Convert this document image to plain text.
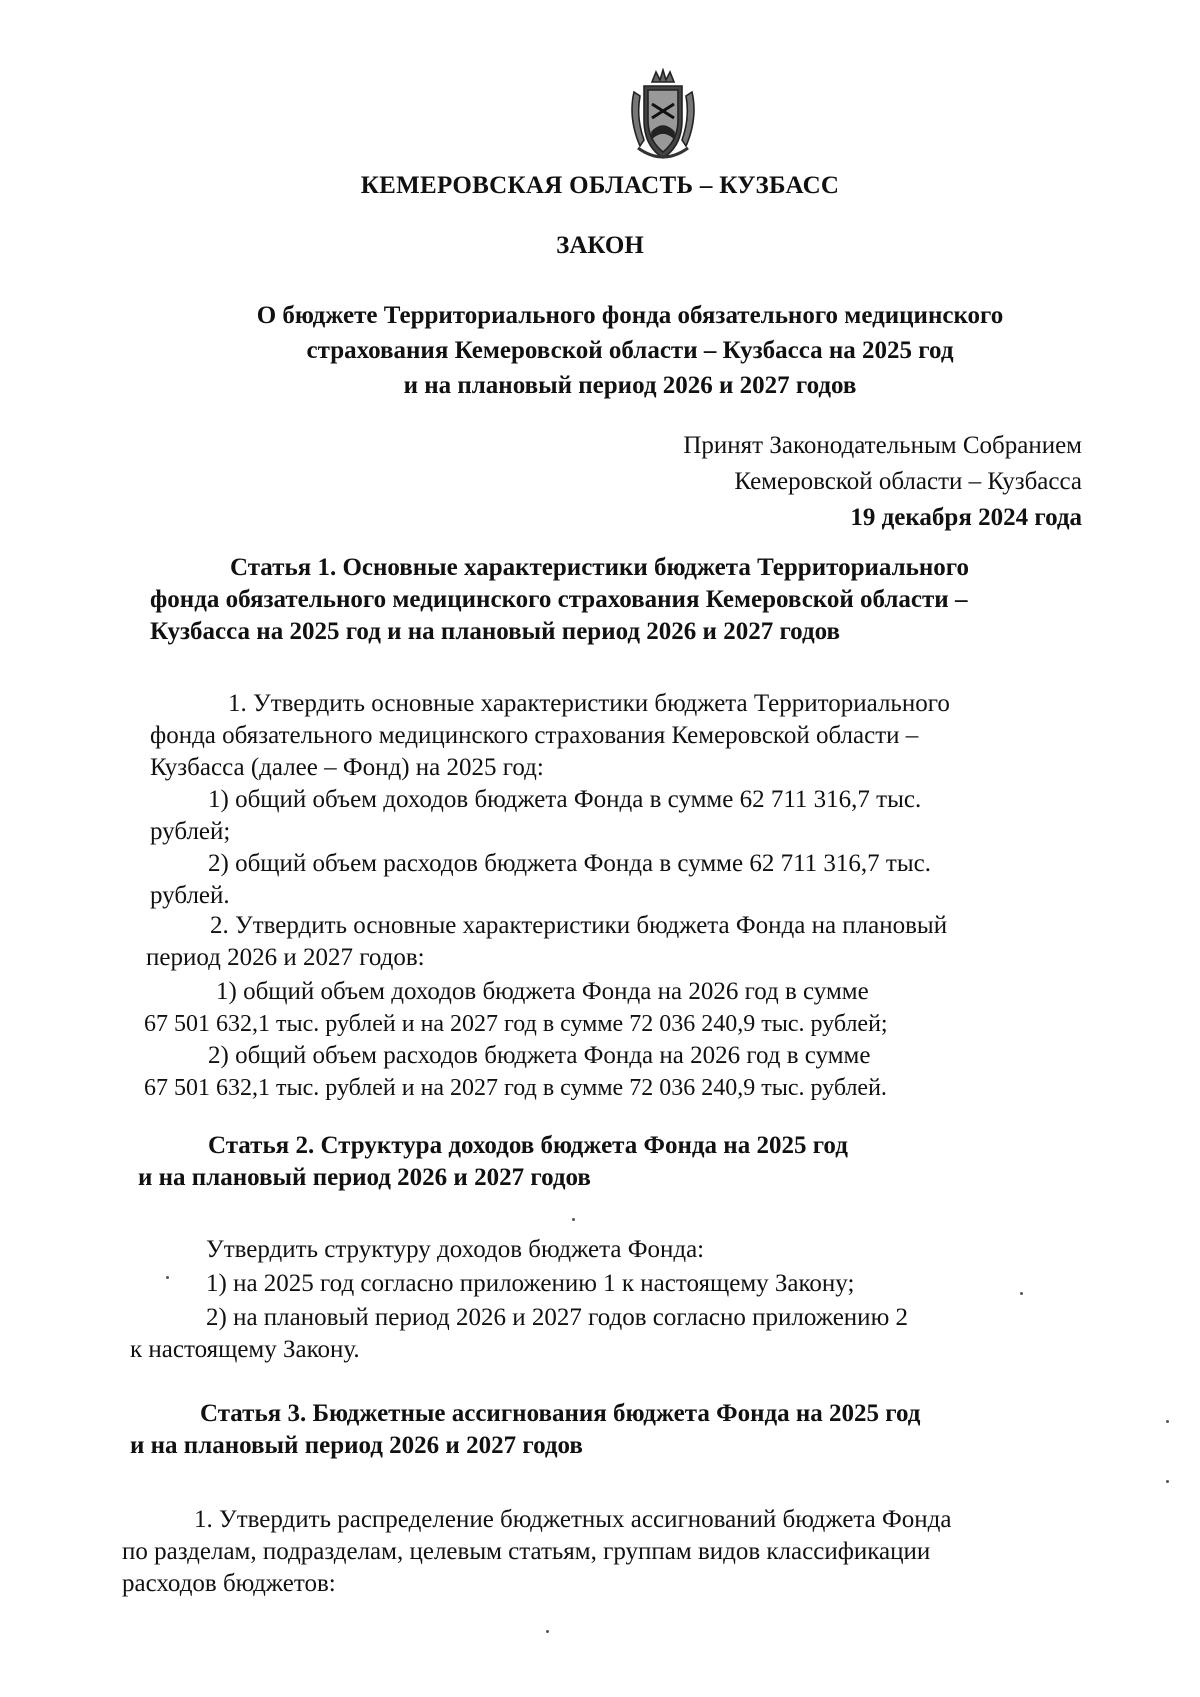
КЕМЕРОВСКАЯ ОБЛАСТЬ – КУЗБАСС
ЗАКОН
О бюджете Территориального фонда обязательного медицинского
страхования Кемеровской области – Кузбасса на 2025 год
и на плановый период 2026 и 2027 годов
Принят Законодательным Собранием
Кемеровской области – Кузбасса
19 декабря 2024 года
Статья 1. Основные характеристики бюджета Территориального
фонда обязательного медицинского страхования Кемеровской области –
Кузбасса на 2025 год и на плановый период 2026 и 2027 годов
1. Утвердить основные характеристики бюджета Территориального
фонда обязательного медицинского страхования Кемеровской области –
Кузбасса (далее – Фонд) на 2025 год:
1) общий объем доходов бюджета Фонда в сумме 62 711 316,7 тыс.
рублей;
2) общий объем расходов бюджета Фонда в сумме 62 711 316,7 тыс.
рублей.
2. Утвердить основные характеристики бюджета Фонда на плановый
период 2026 и 2027 годов:
1) общий объем доходов бюджета Фонда на 2026 год в сумме
67 501 632,1 тыс. рублей и на 2027 год в сумме 72 036 240,9 тыс. рублей;
2) общий объем расходов бюджета Фонда на 2026 год в сумме
67 501 632,1 тыс. рублей и на 2027 год в сумме 72 036 240,9 тыс. рублей.
Статья 2. Структура доходов бюджета Фонда на 2025 год
и на плановый период 2026 и 2027 годов
Утвердить структуру доходов бюджета Фонда:
1) на 2025 год согласно приложению 1 к настоящему Закону;
2) на плановый период 2026 и 2027 годов согласно приложению 2
к настоящему Закону.
Статья 3. Бюджетные ассигнования бюджета Фонда на 2025 год
и на плановый период 2026 и 2027 годов
1. Утвердить распределение бюджетных ассигнований бюджета Фонда
по разделам, подразделам, целевым статьям, группам видов классификации
расходов бюджетов:
